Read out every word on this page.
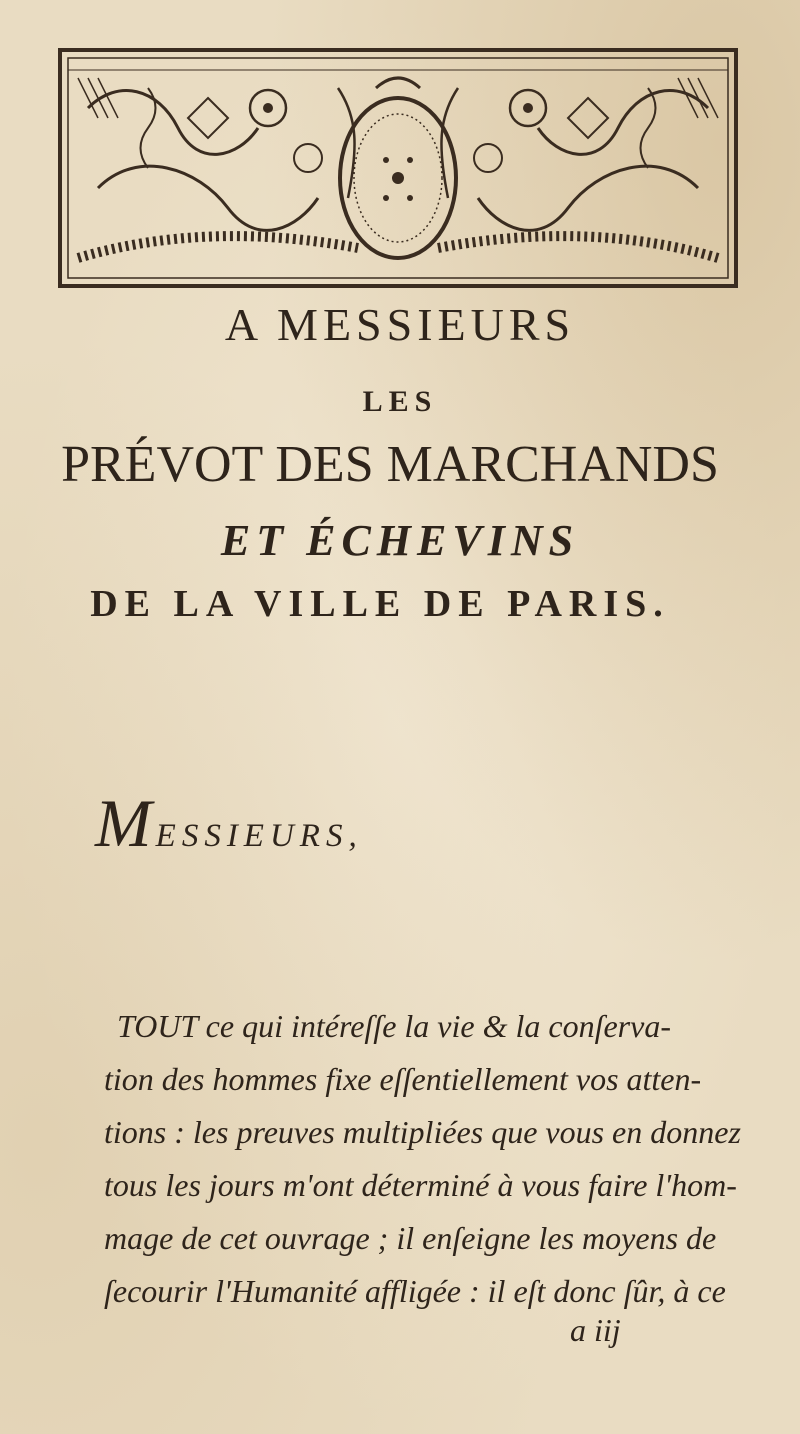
A MESSIEURS
LES
PRÉVOT DES MARCHANDS
ET ÉCHEVINS
DE LA VILLE DE PARIS.
M ESSIEURS,
TOUT ce qui intéreſſe la vie & la conſerva-
tion des hommes fixe eſſentiellement vos atten-
tions : les preuves multipliées que vous en donnez
tous les jours m'ont déterminé à vous faire l'hom-
mage de cet ouvrage ; il enſeigne les moyens de
ſecourir l'Humanité affligée : il eſt donc ſûr, à ce
a iij
